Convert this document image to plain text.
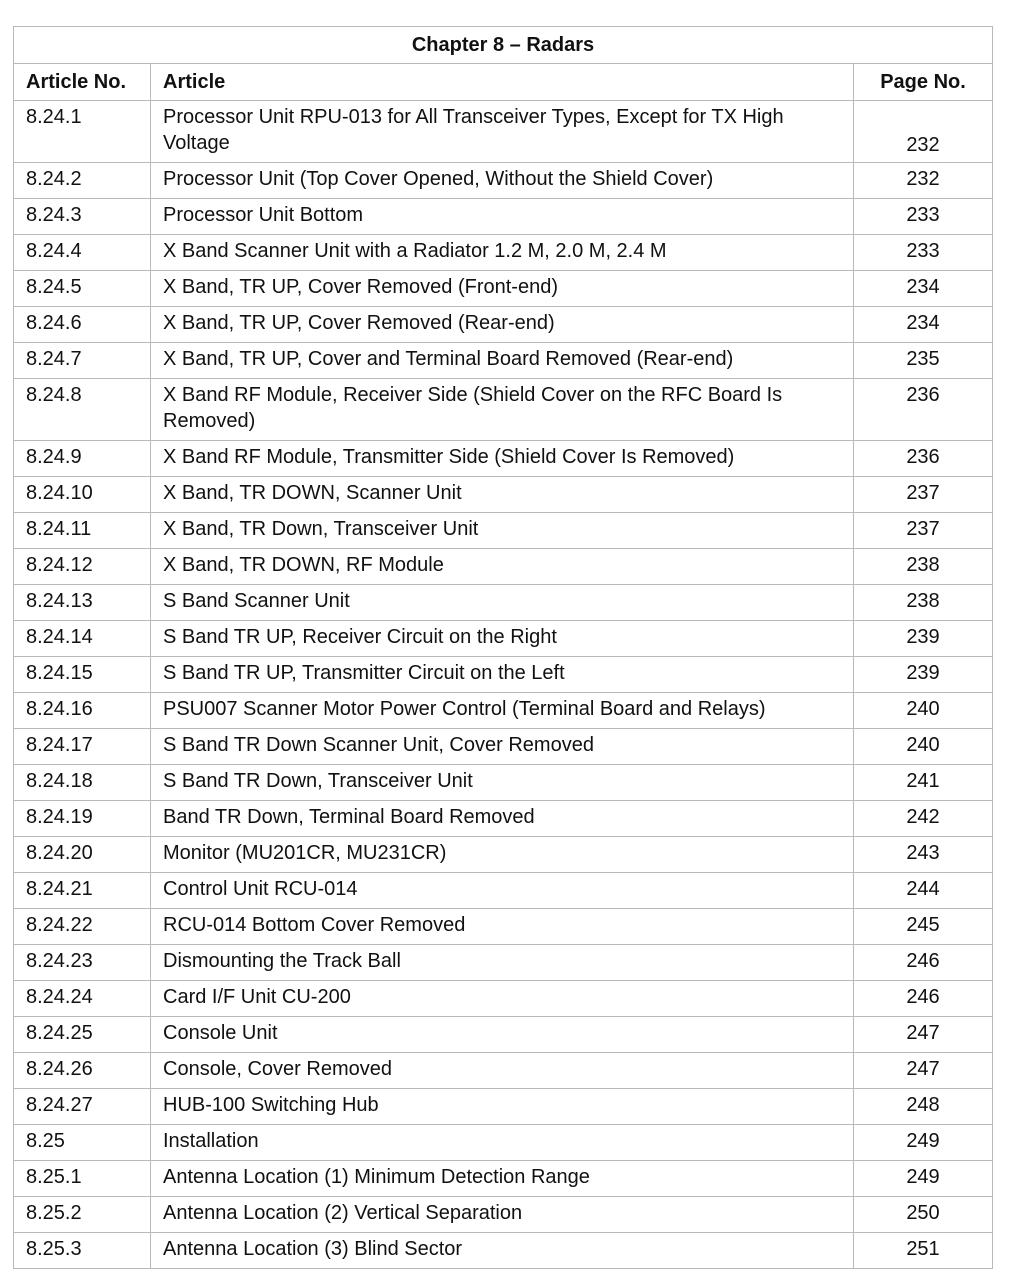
Chapter 8 – Radars		
Article No.	Article	Page No.
8.24.1	Processor Unit RPU-013 for All Transceiver Types, Except for TX High Voltage	232
8.24.2	Processor Unit (Top Cover Opened, Without the Shield Cover)	232
8.24.3	Processor Unit Bottom	233
8.24.4	X Band Scanner Unit with a Radiator 1.2 M, 2.0 M, 2.4 M	233
8.24.5	X Band, TR UP, Cover Removed (Front-end)	234
8.24.6	X Band, TR UP, Cover Removed (Rear-end)	234
8.24.7	X Band, TR UP, Cover and Terminal Board Removed (Rear-end)	235
8.24.8	X Band RF Module, Receiver Side (Shield Cover on the RFC Board Is Removed)	236
8.24.9	X Band RF Module, Transmitter Side (Shield Cover Is Removed)	236
8.24.10	X Band, TR DOWN, Scanner Unit	237
8.24.11	X Band, TR Down, Transceiver Unit	237
8.24.12	X Band, TR DOWN, RF Module	238
8.24.13	S Band Scanner Unit	238
8.24.14	S Band TR UP, Receiver Circuit on the Right	239
8.24.15	S Band TR UP, Transmitter Circuit on the Left	239
8.24.16	PSU007 Scanner Motor Power Control (Terminal Board and Relays)	240
8.24.17	S Band TR Down Scanner Unit, Cover Removed	240
8.24.18	S Band TR Down, Transceiver Unit	241
8.24.19	Band TR Down, Terminal Board Removed	242
8.24.20	Monitor (MU201CR, MU231CR)	243
8.24.21	Control Unit RCU-014	244
8.24.22	RCU-014 Bottom Cover Removed	245
8.24.23	Dismounting the Track Ball	246
8.24.24	Card I/F Unit CU-200	246
8.24.25	Console Unit	247
8.24.26	Console, Cover Removed	247
8.24.27	HUB-100 Switching Hub	248
8.25	Installation	249
8.25.1	Antenna Location (1) Minimum Detection Range	249
8.25.2	Antenna Location (2) Vertical Separation	250
8.25.3	Antenna Location (3) Blind Sector	251
